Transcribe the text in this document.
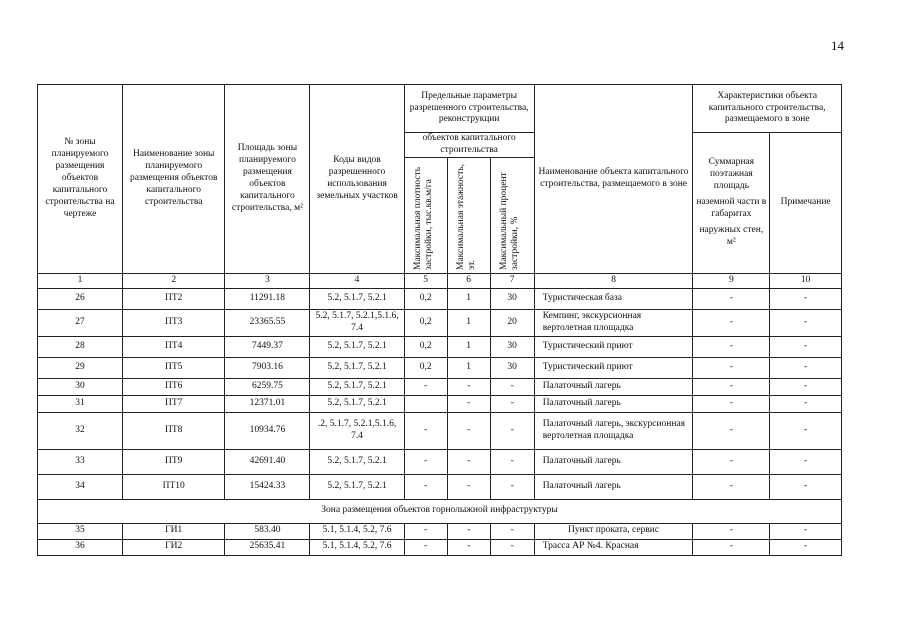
14
№ зоны планируемого размещения объектов капитального строительства на чертеже	Наименование зоны планируемого размещения объектов капитального строительства	Площадь зоны планируемого размещения объектов капитального строительства, м²	Коды видов разрешенного использования земельных участков	Предельные параметры разрешенного строительства, реконструкции			Наименование объекта капитального строительства, размещаемого в зоне	Характеристики объекта капитального строительства, размещаемого в зоне	
				объектов капитального строительства				Суммарная поэтажная площадь
наземной части в габаритах
наружных стен, м²	Примечание

				Максимальная плотность застройки, тыс.кв.м/га	Максимальная этажность, эт.	Максимальный процент застройки, %			

1	2	3	4	5	6	7	8	9	10
26	ПТ2	11291.18	5.2, 5.1.7, 5.2.1	0,2	1	30	Туристическая база	-	-
27	ПТ3	23365.55	5.2, 5.1.7, 5.2.1,5.1.6, 7.4	0,2	1	20	Кемпинг, экскурсионная вертолетная площадка	-	-
28	ПТ4	7449.37	5.2, 5.1.7, 5.2.1	0,2	1	30	Туристический приют	-	-
29	ПТ5	7903.16	5.2, 5.1.7, 5.2.1	0,2	1	30	Туристический приют	-	-
30	ПТ6	6259.75	5.2, 5.1.7, 5.2.1	-	-	-	Палаточный лагерь	-	-
31	ПТ7	12371.01	5.2, 5.1.7, 5.2.1		-	-	Палаточный лагерь	-	-
32	ПТ8	10934.76	.2, 5.1.7, 5.2.1,5.1.6, 7.4	-	-	-	Палаточный лагерь, экскурсионная вертолетная площадка	-	-
33	ПТ9	42691.40	5.2, 5.1.7, 5.2.1	-	-	-	Палаточный лагерь	-	-
34	ПТ10	15424.33	5.2, 5.1.7, 5.2.1	-	-	-	Палаточный лагерь	-	-
Зона размещения объектов горнолыжной инфраструктуры									
35	ГИ1	583.40	5.1, 5.1.4, 5.2, 7.6	-	-	-	Пункт проката, сервис	-	-
36	ГИ2	25635.41	5.1, 5.1.4, 5.2, 7.6	-	-	-	Трасса АР №4. Красная	-	-
